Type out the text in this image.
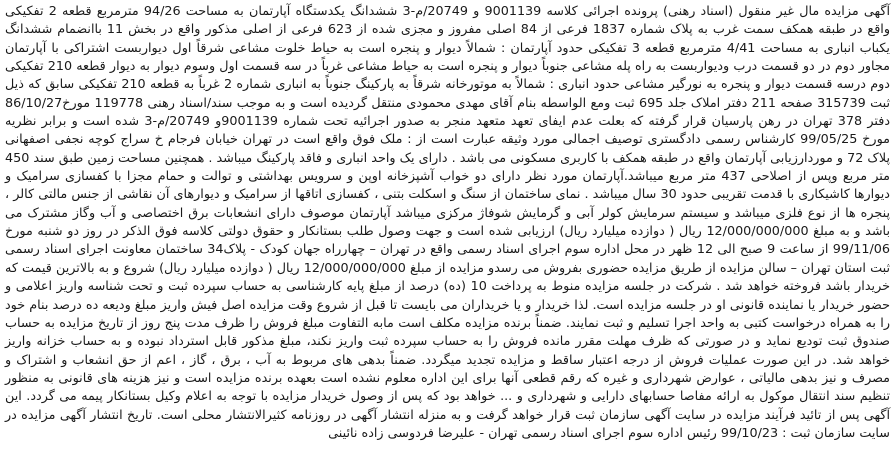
آگهی مزایده مال غیر منقول (اسناد رهنی) پرونده اجرائی کلاسه 9001139 و 20749/م-3 ششدانگ یکدستگاه آپارتمان به مساحت 94/26 مترمربع قطعه 2 تفکیکی واقع در طبقه همکف سمت غرب به پلاک شماره 1837 فرعی از 84 اصلی مفروز و مجزی شده از 623 فرعی از اصلی مذکور واقع در بخش 11 باانضمام ششدانگ یکباب انباری به مساحت 4/41 مترمربع قطعه 3 تفکیکی حدود آپارتمان : شمالاً دیوار و پنجره است به حیاط خلوت مشاعی شرقاً اول دیواربست اشتراکی با آپارتمان مجاور دوم در دو قسمت درب وديواربست به راه پله مشاعی جنوباً دیوار و پنجره است به حیاط مشاعی غرباً در سه قسمت اول وسوم دیوار به دیوار قطعه 210 تفکیکی دوم درسه قسمت دیوار و پنجره به نورگیر مشاعی حدود انباری : شمالاً به موتورخانه شرقاً به پارکینگ جنوباً به انباری شماره 2 غرباً به قطعه 210 تفکیکی سابق که ذیل ثبت 315739 صفحه 211 دفتر املاک جلد 695 ثبت ومع الواسطه بنام آقای مهدی محمودی منتقل گردیده است و به موجب سند/اسناد رهنی 119778 مورخ86/10/27 دفتر 378 تهران در رهن پارسیان قرار گرفته که بعلت عدم ایفای تعهد متعهد منجر به صدور اجرائیه تحت شماره 9001139و 20749/م-3 شده است و برابر نظریه مورخ 99/05/25 کارشناس رسمی دادگستری توصیف اجمالی مورد وثیقه عبارت است از : ملک فوق واقع است در تهران خیابان فرجام خ سراج کوچه نجفی اصفهانی پلاک 72 و موردارزیابی آپارتمان واقع در طبقه همکف با کاربری مسکونی می باشد . دارای یک واحد انباری و فاقد پارکینگ میباشد . همچنین مساحت زمین طبق سند 450 متر مربع وپس از اصلاحی 437 متر مربع میباشد.آپارتمان مورد نظر دارای دو خواب آشپزخانه اوپن و سرویس بهداشتی و توالت و حمام مجزا با کفسازی سرامیک و دیوارها کاشیکاری با قدمت تقریبی حدود 30 سال میباشد . نمای ساختمان از سنگ و اسکلت بتنی ، کفسازی اتاقها از سرامیک و دیوارهای آن نقاشی از جنس مالتی کالر ، پنجره ها از نوع فلزی میباشد و سیستم سرمایش کولر آبی و گرمایش شوفاژ مرکزی میباشد آپارتمان موصوف دارای انشعابات برق اختصاصی و آب وگاز مشترک می باشد و به مبلغ 12/000/000/000 ریال ( دوازده میلیارد ریال) ارزیابی شده است و جهت وصول طلب بستانکار و حقوق دولتی کلاسه فوق الذکر در روز دو شنبه مورخ 99/11/06 از ساعت 9 صبح الی 12 ظهر در محل اداره سوم اجرای اسناد رسمی واقع در تهران – چهارراه جهان کودک - پلاک34 ساختمان معاونت اجرای اسناد رسمی ثبت استان تهران – سالن مزایده از طریق مزایده حضوری بفروش می رسدو مزایده از مبلغ 12/000/000/000 ریال ( دوازده میلیارد ریال) شروع و به بالاترین قیمت که خریدار باشد فروخته خواهد شد . شرکت در جلسه مزایده منوط به پرداخت 10 (ده) درصد از مبلغ پایه کارشناسی به حساب سپرده ثبت و تحت شناسه واریز اعلامی و حضور خریدار یا نماینده قانونی او در جلسه مزایده است. لذا خریدار و یا خریداران می بایست تا قبل از شروع وقت مزایده اصل فیش واریز مبلغ ودیعه ده درصد بنام خود را به همراه درخواست کتبی به واحد اجرا تسلیم و ثبت نمایند. ضمناً برنده مزایده مکلف است مابه التفاوت مبلغ فروش را ظرف مدت پنج روز از تاریخ مزایده به حساب صندوق ثبت تودیع نماید و در صورتی که ظرف مهلت مقرر مانده فروش را به حساب سپرده ثبت واریز نکند، مبلغ مذکور قابل استرداد نبوده و به حساب خزانه واریز خواهد شد. در این صورت عملیات فروش از درجه اعتبار ساقط و مزایده تجدید میگردد. ضمناً بدهی های مربوط به آب ، برق ، گاز ، اعم از حق انشعاب و اشتراک و مصرف و نیز بدهی مالیاتی ، عوارض شهرداری و غیره که رقم قطعی آنها برای این اداره معلوم نشده است بعهده برنده مزایده است و نیز هزینه های قانونی به منظور تنظیم سند انتقال موکول به ارائه مفاصا حسابهای دارایی و شهرداری و ... خواهد بود که پس از وصول خریدار مزایده با توجه به اعلام وکیل بستانکار پیمه می گردد. این آگهی پس از تائید فرآیند مزایده در سایت آگهی سازمان ثبت قرار خواهد گرفت و به منزله انتشار آگهی در روزنامه کثیرالانتشار محلی است. تاریخ انتشار آگهی مزایده در سایت سازمان ثبت : 99/10/23 رئیس اداره سوم اجرای اسناد رسمی تهران - علیرضا فردوسی زاده نائینی
